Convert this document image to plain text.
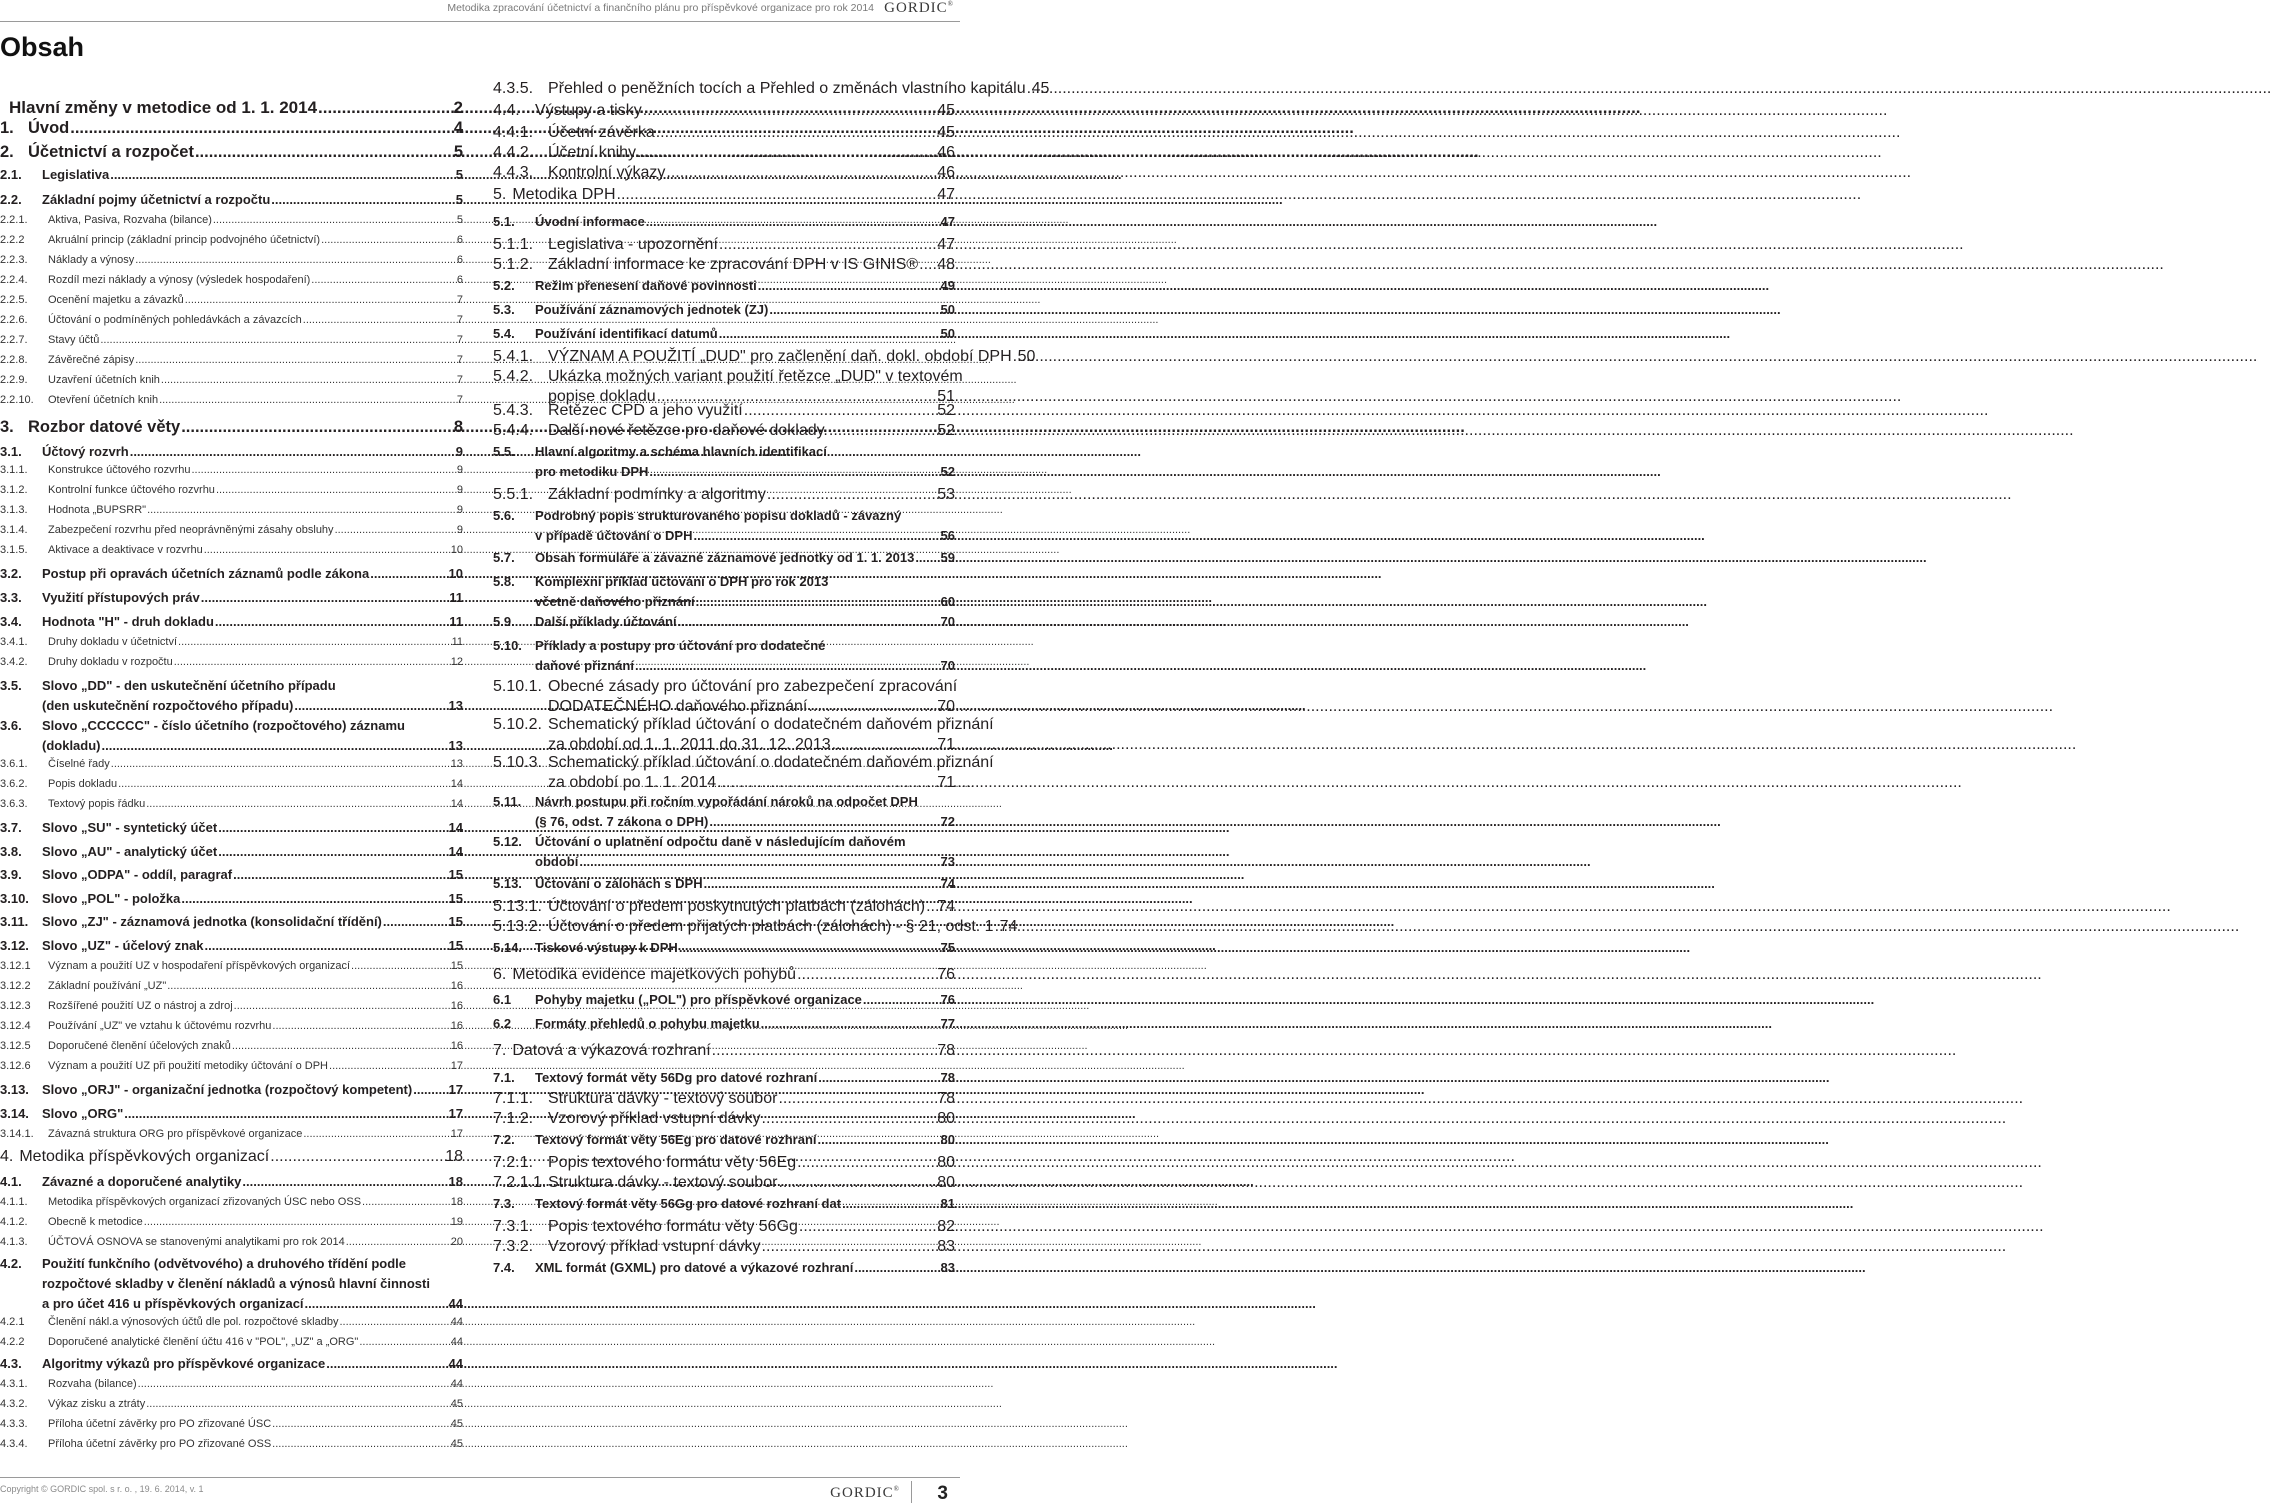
Metodika zpracování účetnictví a finančního plánu pro příspěvkové organizace pro rok 2014 GORDIC®
Obsah
Hlavní změny v metodice od 1. 1. 2014 .....	2
1. Úvod .....	4
2. Účetnictví a rozpočet .....	5
2.1.	Legislativa .....	5
2.2.	Základní pojmy účetnictví a rozpočtu .....	5
2.2.1.	Aktiva, Pasiva, Rozvaha (bilance) .....	5
2.2.2	Akruální princip (základní princip podvojného účetnictví) .....	6
2.2.3.	Náklady a výnosy .....	6
2.2.4.	Rozdíl mezi náklady a výnosy (výsledek hospodaření) .....	6
2.2.5.	Ocenění majetku a závazků .....	7
2.2.6.	Účtování o podmíněných pohledávkách a závazcích .....	7
2.2.7.	Stavy účtů .....	7
2.2.8.	Závěrečné zápisy .....	7
2.2.9.	Uzavření účetních knih .....	7
2.2.10.	Otevření účetních knih .....	7
3. Rozbor datové věty .....	8
3.1.	Účtový rozvrh .....	9
3.1.1.	Konstrukce účtového rozvrhu .....	9
3.1.2.	Kontrolní funkce účtového rozvrhu .....	9
3.1.3.	Hodnota „BUPSRR" .....	9
3.1.4.	Zabezpečení rozvrhu před neoprávněnými zásahy obsluhy .....	9
3.1.5.	Aktivace a deaktivace v rozvrhu .....	10
3.2.	Postup při opravách účetních záznamů podle zákona .....	10
3.3.	Využití přístupových práv .....	11
3.4.	Hodnota "H" - druh dokladu .....	11
3.4.1.	Druhy dokladu v účetnictví .....	11
3.4.2.	Druhy dokladu v rozpočtu .....	12
3.5.	Slovo „DD" - den uskutečnění účetního případu
(den uskutečnění rozpočtového případu) .....	13
3.6.	Slovo „CCCCCC" - číslo účetního (rozpočtového) záznamu
(dokladu) .....	13
3.6.1.	Číselné řady .....	13
3.6.2.	Popis dokladu .....	14
3.6.3.	Textový popis řádku .....	14
3.7.	Slovo „SU" - syntetický účet .....	14
3.8.	Slovo „AU" - analytický účet .....	14
3.9.	Slovo „ODPA" - oddíl, paragraf .....	15
3.10.	Slovo „POL" - položka .....	15
3.11.	Slovo „ZJ" - záznamová jednotka (konsolidační třídění) .....	15
3.12.	Slovo „UZ" - účelový znak .....	15
3.12.1	Význam a použití UZ v hospodaření příspěvkových organizací .....	15
3.12.2	Základní používání „UZ" .....	16
3.12.3	Rozšířené použití UZ o nástroj a zdroj .....	16
3.12.4	Používání „UZ" ve vztahu k účtovému rozvrhu .....	16
3.12.5	Doporučené členění účelových znaků .....	16
3.12.6	Význam a použití UZ při použití metodiky účtování o DPH .....	17
3.13.	Slovo „ORJ" - organizační jednotka (rozpočtový kompetent) .....	17
3.14.	Slovo „ORG" .....	17
3.14.1.	Závazná struktura ORG pro příspěvkové organizace .....	17
4. Metodika příspěvkových organizací .....	18
4.1.	Závazné a doporučené analytiky .....	18
4.1.1.	Metodika příspěvkových organizací zřizovaných ÚSC nebo OSS .....	18
4.1.2.	Obecně k metodice .....	19
4.1.3.	ÚČTOVÁ OSNOVA se stanovenými analytikami pro rok 2014 .....	20
4.2.	Použití funkčního (odvětvového) a druhového třídění podle
rozpočtové skladby v členění nákladů a výnosů hlavní činnosti
a pro účet 416 u příspěvkových organizací .....	44
4.2.1	Členění nákl.a výnosových účtů dle pol. rozpočtové skladby .....	44
4.2.2	Doporučené analytické členění účtu 416 v "POL", „UZ" a „ORG" .....	44
4.3.	Algoritmy výkazů pro příspěvkové organizace .....	44
4.3.1.	Rozvaha (bilance) .....	44
4.3.2.	Výkaz zisku a ztráty .....	45
4.3.3.	Příloha účetní závěrky pro PO zřizované ÚSC .....	45
4.3.4.	Příloha účetní závěrky pro PO zřizované OSS .....	45
4.3.5. Přehled o peněžních tocích a Přehled o změnách vlastního kapitálu ..... 45
4.4. Výstupy a tisky .....	45
4.4.1. Účetní závěrka .....	45
4.4.2. Účetní knihy .....	46
4.4.3. Kontrolní výkazy .....	46
5. Metodika DPH .....	47
5.1.	Úvodní informace .....	47
5.1.1. Legislativa - upozornění .....	47
5.1.2. Základní informace ke zpracování DPH v IS GINIS® ..... 48
5.2.	Režim přenesení daňové povinnosti .....	49
5.3.	Používání záznamových jednotek (ZJ) .....	50
5.4.	Používání identifikací datumů .....	50
5.4.1. VÝZNAM A POUŽITÍ „DUD" pro začlenění daň. dokl. období DPH ..... 50
5.4.2. Ukázka možných variant použití řetězce „DUD" v textovém
popise dokladu .....	51
5.4.3. Řetězec CPD a jeho využití .....	52
5.4.4. Další nové řetězce pro daňové doklady. .....	52
5.5.	Hlavní algoritmy a schéma hlavních identifikací
pro metodiku DPH .....	52
5.5.1. Základní podmínky a algoritmy .....	53
5.6.	Podrobný popis strukturovaného popisu dokladů - závazný
v případě účtování o DPH .....	56
5.7.	Obsah formuláře a závazné záznamové jednotky od 1. 1. 2013 ..... 59
5.8.	Komplexní příklad účtování o DPH pro rok 2013
včetně daňového přiznání .....	60
5.9.	Další příklady účtování .....	70
5.10.	Příklady a postupy pro účtování pro dodatečné
daňové přiznání .....	70
5.10.1. Obecné zásady pro účtování pro zabezpečení zpracování
DODATEČNÉHO daňového přiznání .....	70
5.10.2. Schematický příklad účtování o dodatečném daňovém přiznání
za období od 1. 1. 2011 do 31. 12. 2013 .....	71
5.10.3. Schematický příklad účtování o dodatečném daňovém přiznání
za období po 1. 1. 2014 .....	71
5.11.	Návrh postupu při ročním vypořádání nároků na odpočet DPH
(§ 76, odst. 7 zákona o DPH) .....	72
5.12.	Účtování o uplatnění odpočtu daně v následujícím daňovém
období .....	73
5.13.	Účtování o zálohách s DPH .....	74
5.13.1. Účtování o předem poskytnutých platbách (zálohách) ..... 74
5.13.2. Účtování o předem přijatých platbách (zálohách) - § 21, odst. 1 ..... 74
5.14.	Tiskové výstupy k DPH .....	75
6. Metodika evidence majetkových pohybů .....	76
6.1	Pohyby majetku („POL") pro příspěvkové organizace .....	76
6.2	Formáty přehledů o pohybu majetku .....	77
7. Datová a výkazová rozhraní .....	78
7.1.	Textový formát věty 56Dg pro datové rozhraní .....	78
7.1.1. Struktura dávky - textový soubor .....	78
7.1.2. Vzorový příklad vstupní dávky .....	80
7.2.	Textový formát věty 56Eg pro datové rozhraní .....	80
7.2.1. Popis textového formátu věty 56Eg .....	80
7.2.1.1. Struktura dávky - textový soubor .....	80
7.3.	Textový formát věty 56Gg pro datové rozhraní dat .....	81
7.3.1. Popis textového formátu věty 56Gg .....	82
7.3.2. Vzorový příklad vstupní dávky .....	83
7.4.	XML formát (GXML) pro datové a výkazové rozhraní .....	83
Copyright © GORDIC spol. s r. o. , 19. 6. 2014, v. 1	GORDIC® 3
